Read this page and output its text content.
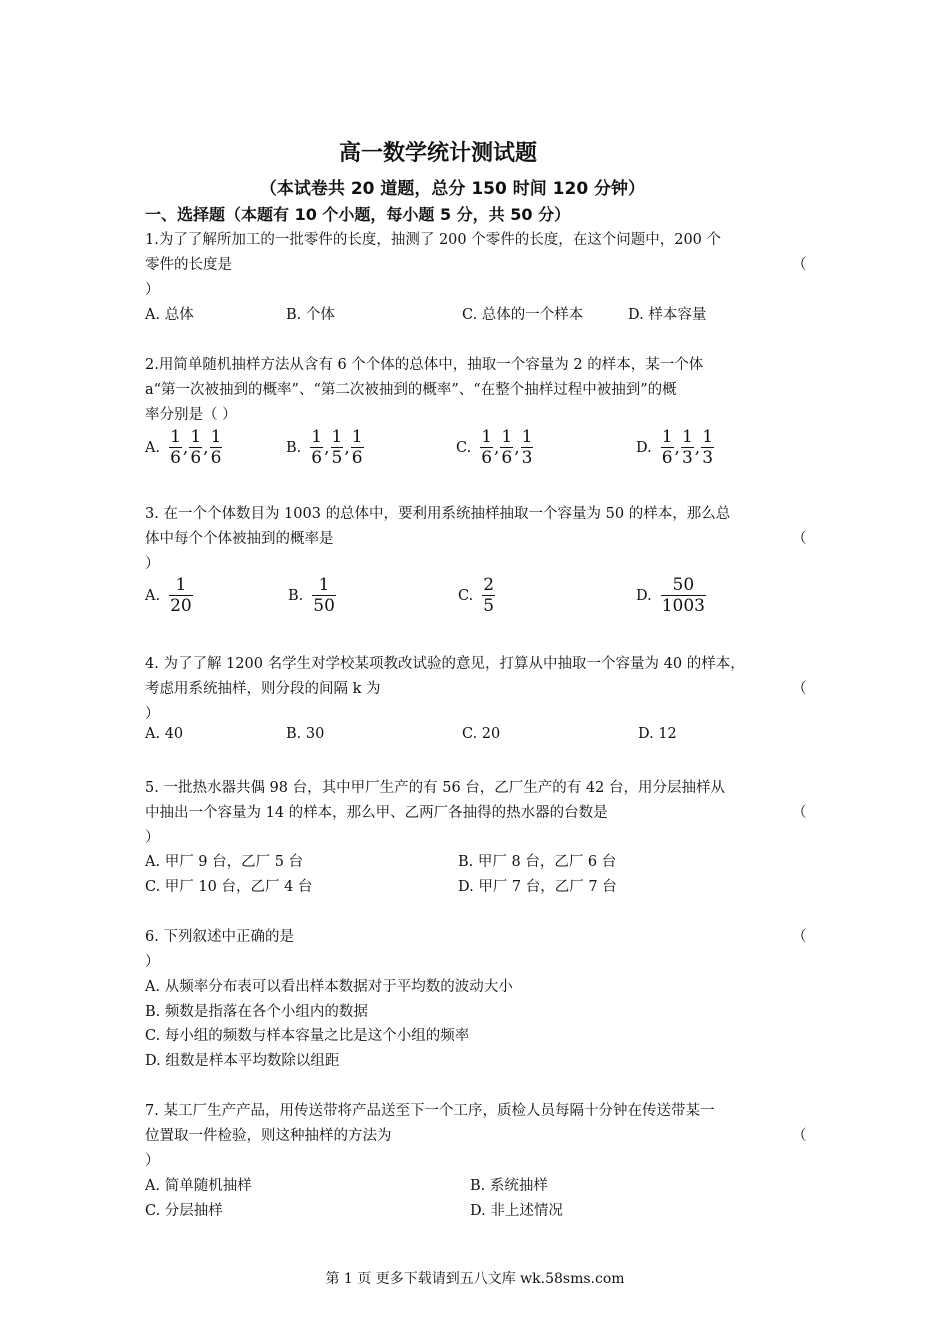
高一数学统计测试题
（本试卷共 20 道题，总分 150 时间 120 分钟）
一、选择题（本题有 10 个小题，每小题 5 分，共 50 分）
1.为了了解所加工的一批零件的长度，抽测了 200 个零件的长度，在这个问题中，200 个
零件的长度是	（
）
A. 总体	B. 个体	C. 总体的一个样本	D. 样本容量
2.用简单随机抽样方法从含有 6 个个体的总体中，抽取一个容量为 2 的样本，某一个体
a“第一次被抽到的概率”、“第二次被抽到的概率”、“在整个抽样过程中被抽到”的概
率分别是（ ）
A. $\frac{1}{6}$ , $\frac{1}{6}$ , $\frac{1}{6}$	B. $\frac{1}{6}$ , $\frac{1}{5}$ , $\frac{1}{6}$	C. $\frac{1}{6}$ , $\frac{1}{6}$ , $\frac{1}{3}$	D. $\frac{1}{6}$ , $\frac{1}{3}$ , $\frac{1}{3}$
3. 在一个个体数目为 1003 的总体中，要利用系统抽样抽取一个容量为 50 的样本，那么总
体中每个个体被抽到的概率是	（
）
A. $\frac{1}{20}$	B. $\frac{1}{50}$	C. $\frac{2}{5}$	D. $\frac{50}{1003}$
4. 为了了解 1200 名学生对学校某项教改试验的意见，打算从中抽取一个容量为 40 的样本，
考虑用系统抽样，则分段的间隔 k 为	（
）
A. 40	B. 30	C. 20	D. 12
5. 一批热水器共偶 98 台，其中甲厂生产的有 56 台，乙厂生产的有 42 台，用分层抽样从
中抽出一个容量为 14 的样本，那么甲、乙两厂各抽得的热水器的台数是	（
）
A. 甲厂 9 台，乙厂 5 台	B. 甲厂 8 台，乙厂 6 台
C. 甲厂 10 台，乙厂 4 台	D. 甲厂 7 台，乙厂 7 台
6. 下列叙述中正确的是	（
）
A. 从频率分布表可以看出样本数据对于平均数的波动大小
B. 频数是指落在各个小组内的数据
C. 每小组的频数与样本容量之比是这个小组的频率
D. 组数是样本平均数除以组距
7. 某工厂生产产品，用传送带将产品送至下一个工序，质检人员每隔十分钟在传送带某一
位置取一件检验，则这种抽样的方法为	（
）
A. 简单随机抽样	B. 系统抽样
C. 分层抽样	D. 非上述情况
第 1 页 更多下载请到五八文库 wk.58sms.com
